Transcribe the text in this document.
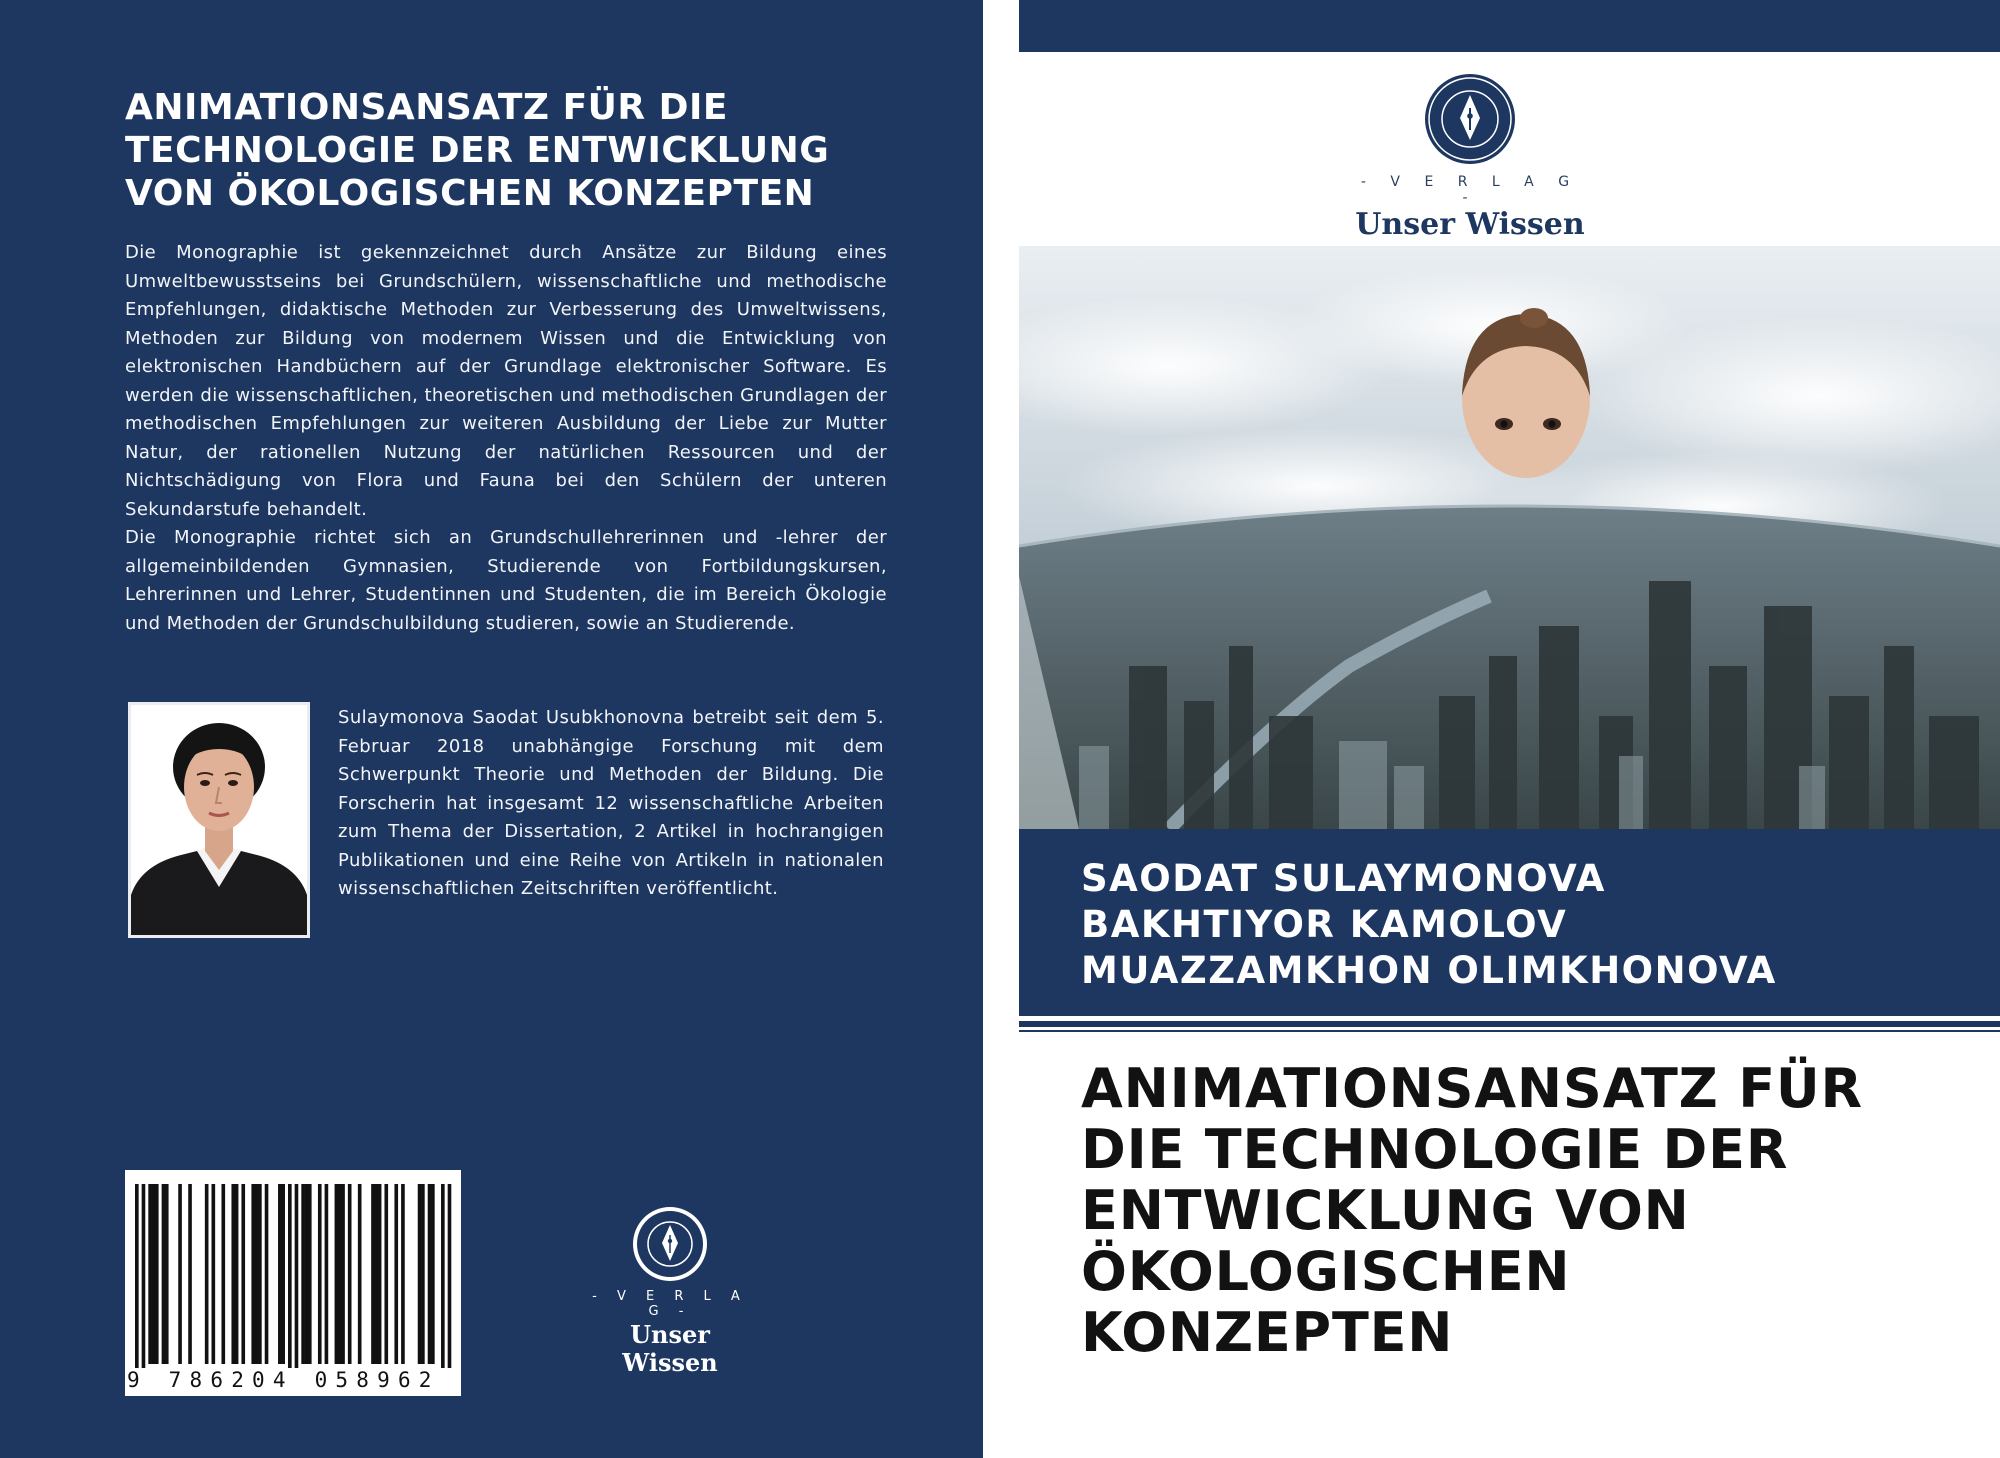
ANIMATIONSANSATZ FÜR DIE
TECHNOLOGIE DER ENTWICKLUNG
VON ÖKOLOGISCHEN KONZEPTEN

Die Monographie ist gekennzeichnet durch Ansätze zur Bildung eines Umweltbewusstseins bei Grundschülern, wissenschaftliche und methodische Empfehlungen, didaktische Methoden zur Verbesserung des Umweltwissens, Methoden zur Bildung von modernem Wissen und die Entwicklung von elektronischen Handbüchern auf der Grundlage elektronischer Software. Es werden die wissenschaftlichen, theoretischen und methodischen Grundlagen der methodischen Empfehlungen zur weiteren Ausbildung der Liebe zur Mutter Natur, der rationellen Nutzung der natürlichen Ressourcen und der Nichtschädigung von Flora und Fauna bei den Schülern der unteren Sekundarstufe behandelt.

Die Monographie richtet sich an Grundschullehrerinnen und -lehrer der allgemeinbildenden Gymnasien, Studierende von Fortbildungskursen, Lehrerinnen und Lehrer, Studentinnen und Studenten, die im Bereich Ökologie und Methoden der Grundschulbildung studieren, sowie an Studierende.

Sulaymonova Saodat Usubkhonovna betreibt seit dem 5. Februar 2018 unabhängige Forschung mit dem Schwerpunkt Theorie und Methoden der Bildung. Die Forscherin hat insgesamt 12 wissenschaftliche Arbeiten zum Thema der Dissertation, 2 Artikel in hochrangigen Publikationen und eine Reihe von Artikeln in nationalen wissenschaftlichen Zeitschriften veröffentlicht.

9 786204 058962
- V E R L A G -
Unser Wissen
- V E R L A G -
Unser Wissen
SAODAT SULAYMONOVA
BAKHTIYOR KAMOLOV
MUAZZAMKHON OLIMKHONOVA
ANIMATIONSANSATZ FÜR
DIE TECHNOLOGIE DER
ENTWICKLUNG VON
ÖKOLOGISCHEN
KONZEPTEN
